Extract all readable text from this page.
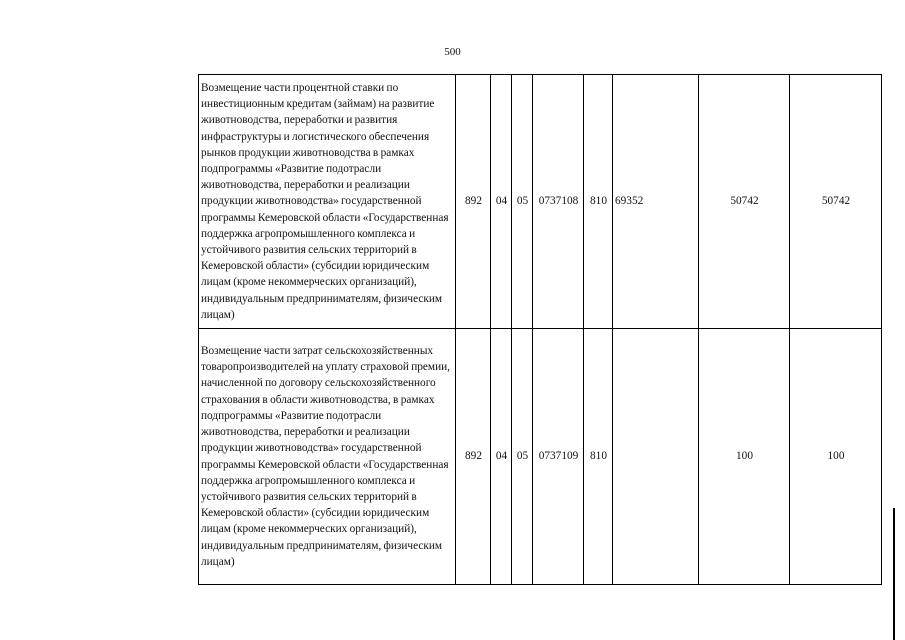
500
Возмещение части процентной ставки по инвестиционным кредитам (займам) на развитие животноводства, переработки и развития инфраструктуры и логистического обеспечения рынков продукции животноводства в рамках подпрограммы «Развитие подотрасли животноводства, переработки и реализации продукции животноводства» государственной программы Кемеровской области «Государственная поддержка агропромышленного комплекса и устойчивого развития сельских территорий в Кемеровской области» (субсидии юридическим лицам (кроме некоммерческих организаций), индивидуальным предпринимателям, физическим лицам)	892	04	05	0737108	810	69352	50742	50742
Возмещение части затрат сельскохозяйственных товаропроизводителей на уплату страховой премии, начисленной по договору сельскохозяйственного страхования в области животноводства, в рамках подпрограммы «Развитие подотрасли животноводства, переработки и реализации продукции животноводства» государственной программы Кемеровской области «Государственная поддержка агропромышленного комплекса и устойчивого развития сельских территорий в Кемеровской области» (субсидии юридическим лицам (кроме некоммерческих организаций), индивидуальным предпринимателям, физическим лицам)	892	04	05	0737109	810		100	100
